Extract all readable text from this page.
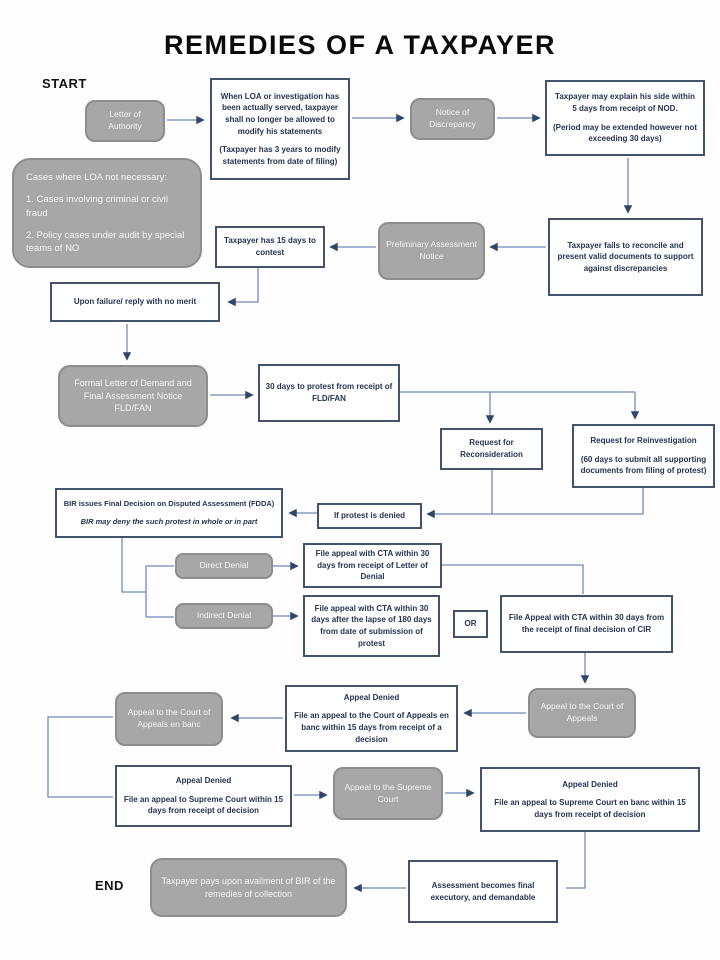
REMEDIES OF A TAXPAYER
START
END
Letter of Authority
When LOA or investigation has been actually served, taxpayer shall no longer be allowed to modify his statements
(Taxpayer has 3 years to modify statements from date of filing)
Notice of Discrepancy
Taxpayer may explain his side within 5 days from receipt of NOD.
(Period may be extended however not exceeding 30 days)
Cases where LOA not necessary:
1. Cases involving criminal or civil fraud
2. Policy cases under audit by special teams of NO	Taxpayer fails to reconcile and present valid documents to support against discrepancies
Preliminary Assessment Notice
Taxpayer has 15 days to contest
Upon failure/ reply with no merit
Formal Letter of Demand and Final Assessment Notice FLD/FAN
30 days to protest from receipt of FLD/FAN
Request for Reconsideration
Request for Reinvestigation
(60 days to submit all supporting documents from filing of protest)
BIR issues Final Decision on Disputed Assessment (FDDA)
BIR may deny the such protest in whole or in part
If protest is denied
Direct Denial
File appeal with CTA within 30 days from receipt of Letter of Denial
Indirect Denial
File appeal with CTA within 30 days after the lapse of 180 days from date of submission of protest
OR
File Appeal with CTA within 30 days from the receipt of final decision of CIR
Appeal to the Court of Appeals
Appeal Denied
File an appeal to the Court of Appeals en banc within 15 days from receipt of a decision
Appeal to the Court of Appeals en banc
Appeal Denied
File an appeal to Supreme Court within 15 days from receipt of decision
Appeal to the Supreme Court
Appeal Denied
File an appeal to Supreme Court en banc within 15 days from receipt of decision
Assessment becomes final executory, and demandable
Taxpayer pays upon availment of BIR of the remedies of collection
